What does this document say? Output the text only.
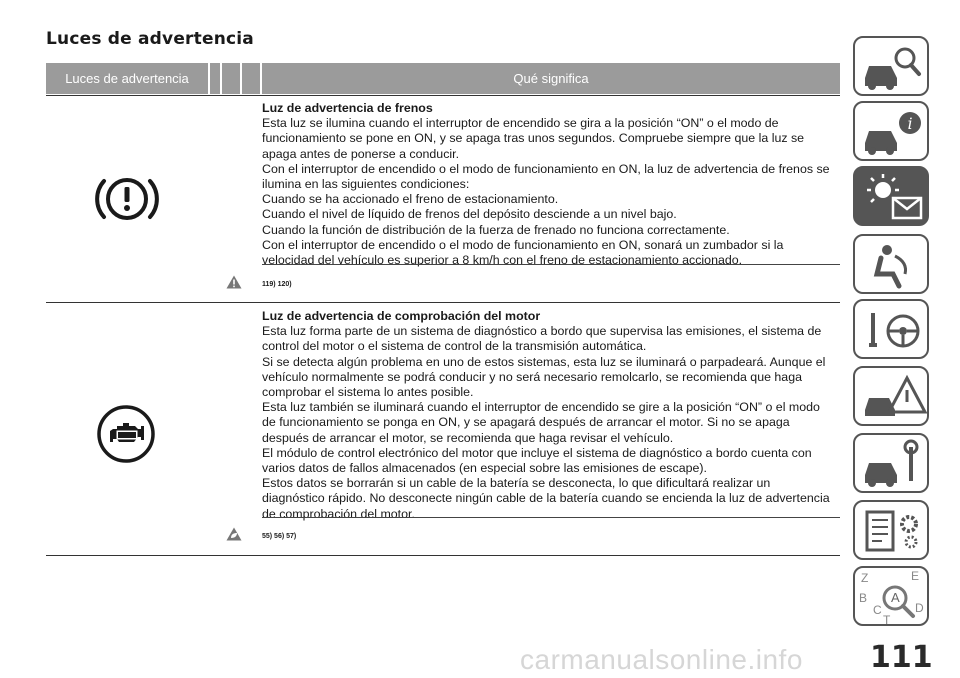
Luces de advertencia
Luces de advertencia	Qué significa

Luz de advertencia de frenos

Esta luz se ilumina cuando el interruptor de encendido se gira a la posición “ON” o el modo de

funcionamiento se pone en ON, y se apaga tras unos segundos. Compruebe siempre que la luz se

apaga antes de ponerse a conducir.

Con el interruptor de encendido o el modo de funcionamiento en ON, la luz de advertencia de frenos se

ilumina en las siguientes condiciones:

Cuando se ha accionado el freno de estacionamiento.

Cuando el nivel de líquido de frenos del depósito desciende a un nivel bajo.

Cuando la función de distribución de la fuerza de frenado no funciona correctamente.

Con el interruptor de encendido o el modo de funcionamiento en ON, sonará un zumbador si la

velocidad del vehículo es superior a 8 km/h con el freno de estacionamiento accionado.

119) 120)

Luz de advertencia de comprobación del motor

Esta luz forma parte de un sistema de diagnóstico a bordo que supervisa las emisiones, el sistema de

control del motor o el sistema de control de la transmisión automática.

Si se detecta algún problema en uno de estos sistemas, esta luz se iluminará o parpadeará. Aunque el

vehículo normalmente se podrá conducir y no será necesario remolcarlo, se recomienda que haga

comprobar el sistema lo antes posible.

Esta luz también se iluminará cuando el interruptor de encendido se gire a la posición “ON” o el modo

de funcionamiento se ponga en ON, y se apagará después de arrancar el motor. Si no se apaga

después de arrancar el motor, se recomienda que haga revisar el vehículo.

El módulo de control electrónico del motor que incluye el sistema de diagnóstico a bordo cuenta con

varios datos de fallos almacenados (en especial sobre las emisiones de escape).

Estos datos se borrarán si un cable de la batería se desconecta, lo que dificultará realizar un

diagnóstico rápido. No desconecte ningún cable de la batería cuando se encienda la luz de advertencia

de comprobación del motor.

55) 56) 57)
i
Z	E
B A
C
T
D
carmanualsonline.info 111
